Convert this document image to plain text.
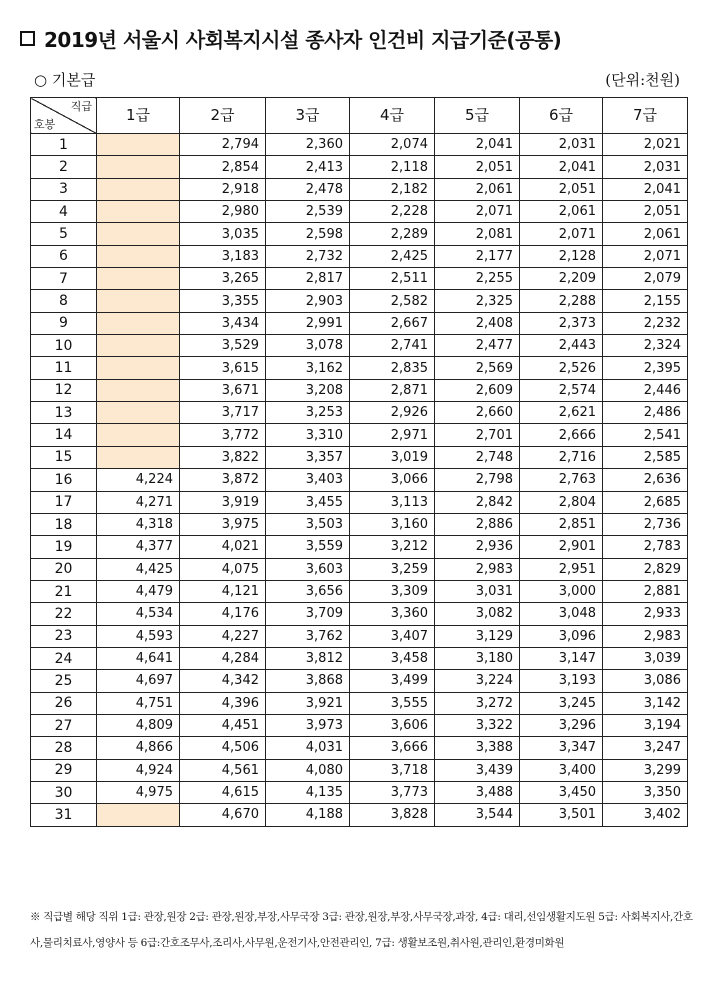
2019년 서울시 사회복지시설 종사자 인건비 지급기준(공통)
○ 기본급	(단위:천원)
직급
호봉	1급	2급	3급	4급	5급	6급	7급
1		2,794	2,360	2,074	2,041	2,031	2,021
2		2,854	2,413	2,118	2,051	2,041	2,031
3		2,918	2,478	2,182	2,061	2,051	2,041
4		2,980	2,539	2,228	2,071	2,061	2,051
5		3,035	2,598	2,289	2,081	2,071	2,061
6		3,183	2,732	2,425	2,177	2,128	2,071
7		3,265	2,817	2,511	2,255	2,209	2,079
8		3,355	2,903	2,582	2,325	2,288	2,155
9		3,434	2,991	2,667	2,408	2,373	2,232
10		3,529	3,078	2,741	2,477	2,443	2,324
11		3,615	3,162	2,835	2,569	2,526	2,395
12		3,671	3,208	2,871	2,609	2,574	2,446
13		3,717	3,253	2,926	2,660	2,621	2,486
14		3,772	3,310	2,971	2,701	2,666	2,541
15		3,822	3,357	3,019	2,748	2,716	2,585
16	4,224	3,872	3,403	3,066	2,798	2,763	2,636
17	4,271	3,919	3,455	3,113	2,842	2,804	2,685
18	4,318	3,975	3,503	3,160	2,886	2,851	2,736
19	4,377	4,021	3,559	3,212	2,936	2,901	2,783
20	4,425	4,075	3,603	3,259	2,983	2,951	2,829
21	4,479	4,121	3,656	3,309	3,031	3,000	2,881
22	4,534	4,176	3,709	3,360	3,082	3,048	2,933
23	4,593	4,227	3,762	3,407	3,129	3,096	2,983
24	4,641	4,284	3,812	3,458	3,180	3,147	3,039
25	4,697	4,342	3,868	3,499	3,224	3,193	3,086
26	4,751	4,396	3,921	3,555	3,272	3,245	3,142
27	4,809	4,451	3,973	3,606	3,322	3,296	3,194
28	4,866	4,506	4,031	3,666	3,388	3,347	3,247
29	4,924	4,561	4,080	3,718	3,439	3,400	3,299
30	4,975	4,615	4,135	3,773	3,488	3,450	3,350
31		4,670	4,188	3,828	3,544	3,501	3,402
※ 직급별 해당 직위 1급: 관장,원장 2급: 관장,원장,부장,사무국장 3급: 관장,원장,부장,사무국장,과장, 4급: 대리,선임생활지도원 5급: 사회복지사,간호사,물리치료사,영양사 등 6급:간호조무사,조리사,사무원,운전기사,안전관리인, 7급: 생활보조원,취사원,관리인,환경미화원
